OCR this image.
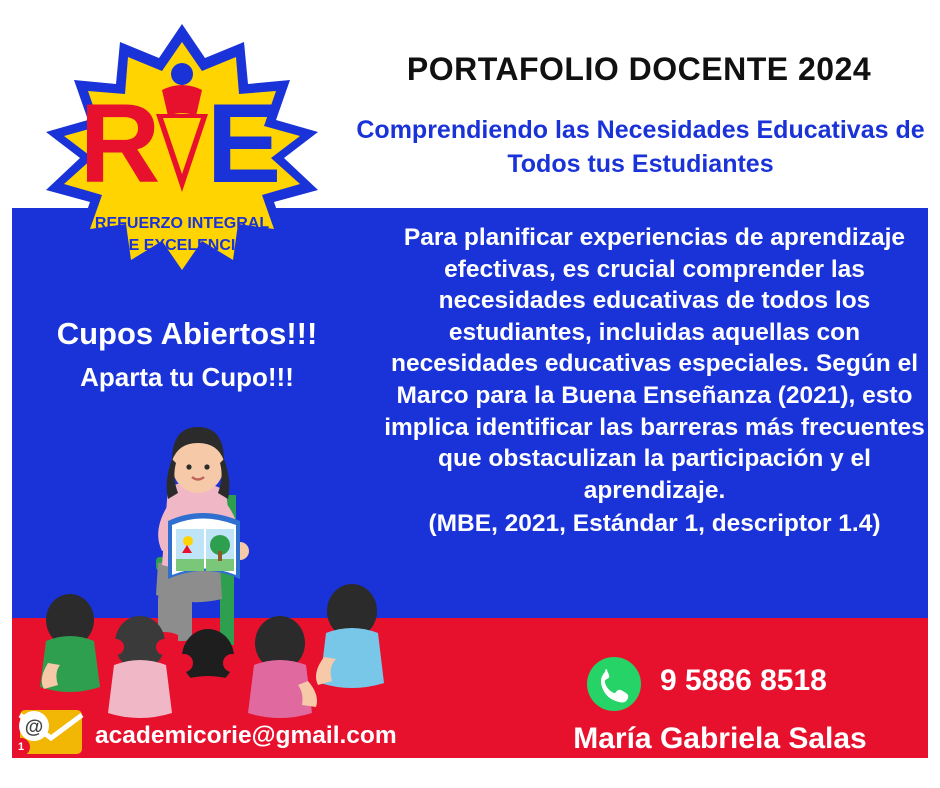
R E
REFUERZO INTEGRAL
DE EXCELENCIA
PORTAFOLIO DOCENTE 2024
Comprendiendo las Necesidades Educativas de Todos tus Estudiantes
Para planificar experiencias de aprendizaje efectivas, es crucial comprender las necesidades educativas de todos los estudiantes, incluidas aquellas con necesidades educativas especiales. Según el Marco para la Buena Enseñanza (2021), esto implica identificar las barreras más frecuentes que obstaculizan la participación y el aprendizaje.
(MBE, 2021, Estándar 1, descriptor 1.4)
Cupos Abiertos!!!
Aparta tu Cupo!!!
@ academicorie@gmail.com
9 5886 8518
María Gabriela Salas
1
